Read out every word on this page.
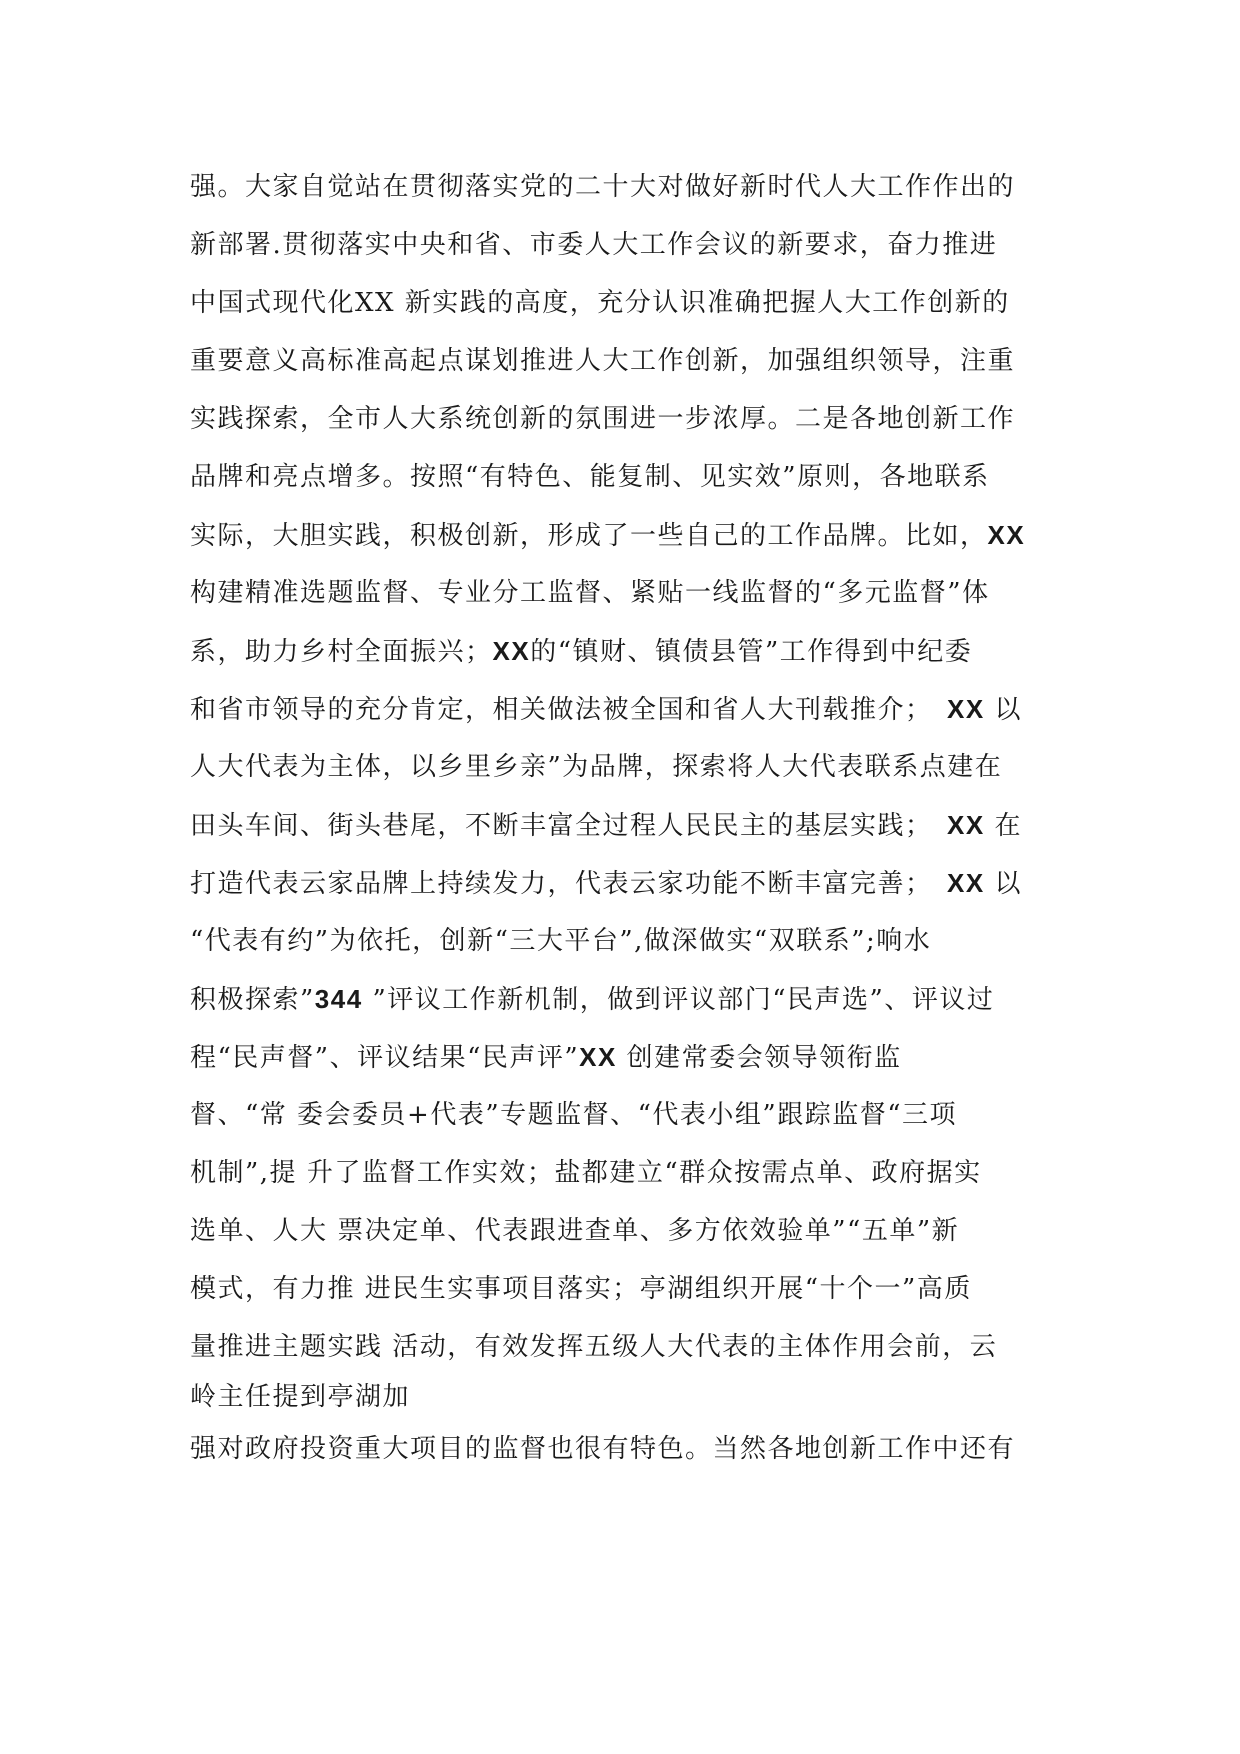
强。大家自觉站在贯彻落实党的二十大对做好新时代人大工作作出的
新部署.贯彻落实中央和省、市委人大工作会议的新要求，奋力推进
中国式现代化XX 新实践的高度，充分认识准确把握人大工作创新的
重要意义高标准高起点谋划推进人大工作创新，加强组织领导，注重
实践探索，全市人大系统创新的氛围进一步浓厚。二是各地创新工作
品牌和亮点增多。按照“有特色、能复制、见实效”原则，各地联系
实际，大胆实践，积极创新，形成了一些自己的工作品牌。比如，XX
构建精准选题监督、专业分工监督、紧贴一线监督的“多元监督”体
系，助力乡村全面振兴；XX的“镇财、镇债县管”工作得到中纪委
和省市领导的充分肯定，相关做法被全国和省人大刊载推介；　XX 以
人大代表为主体，以乡里乡亲”为品牌，探索将人大代表联系点建在
田头车间、街头巷尾，不断丰富全过程人民民主的基层实践；　XX 在
打造代表云家品牌上持续发力，代表云家功能不断丰富完善；　XX 以
“代表有约”为依托，创新“三大平台”,做深做实“双联系”;响水
积极探索”344 ”评议工作新机制，做到评议部门“民声选”、评议过
程“民声督”、评议结果“民声评”XX 创建常委会领导领衔监
督、“常 委会委员+代表”专题监督、“代表小组”跟踪监督“三项
机制”,提 升了监督工作实效；盐都建立“群众按需点单、政府据实
选单、人大 票决定单、代表跟进查单、多方依效验单”“五单”新
模式，有力推 进民生实事项目落实；亭湖组织开展“十个一”高质
量推进主题实践 活动，有效发挥五级人大代表的主体作用会前，云
岭主任提到亭湖加
强对政府投资重大项目的监督也很有特色。当然各地创新工作中还有
